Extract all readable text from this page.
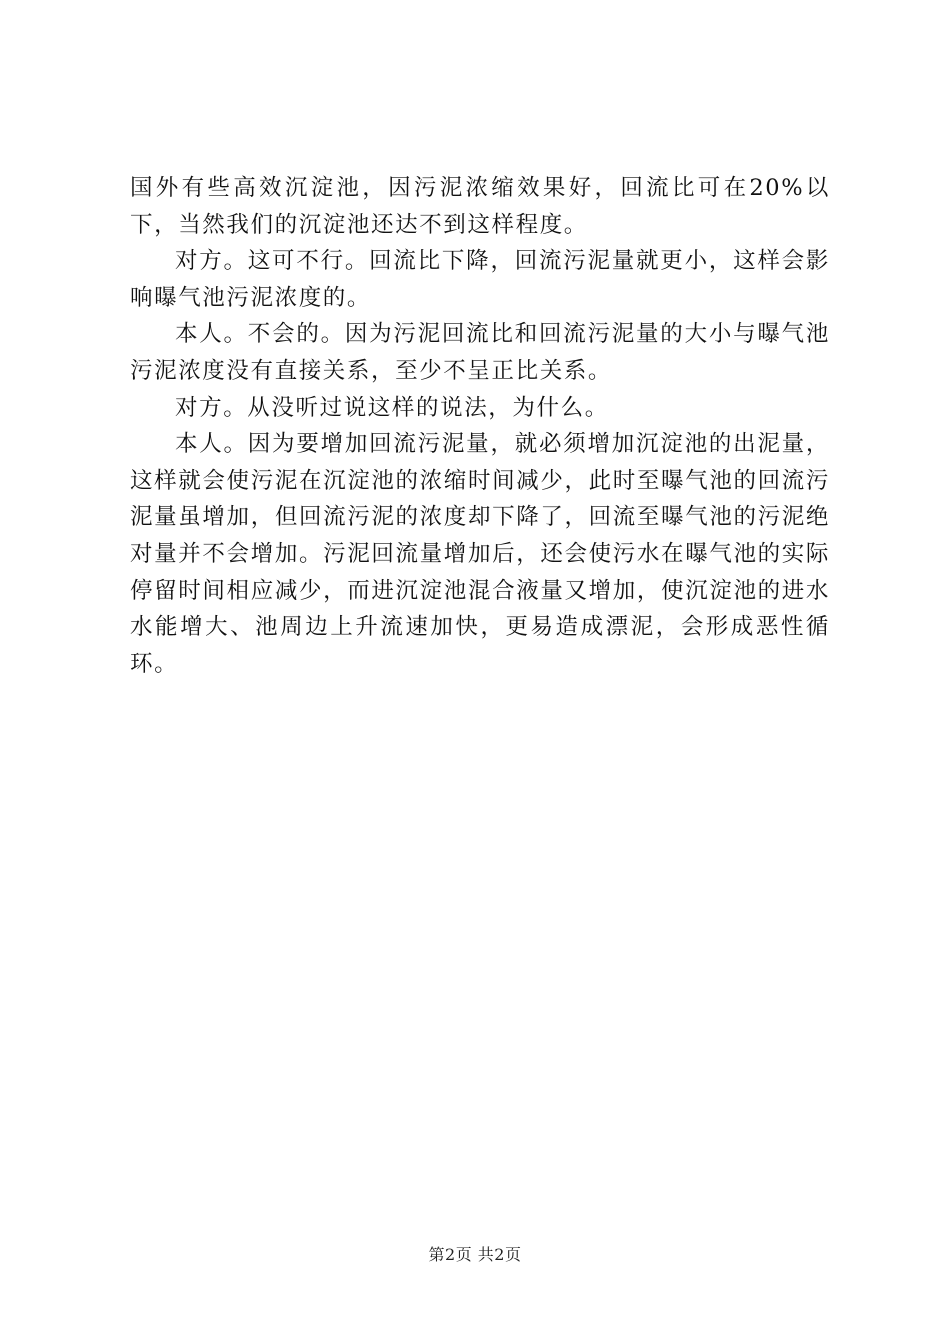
国外有些高效沉淀池，因污泥浓缩效果好，回流比可在20%以下，当然我们的沉淀池还达不到这样程度。

对方。这可不行。回流比下降，回流污泥量就更小，这样会影响曝气池污泥浓度的。

本人。不会的。因为污泥回流比和回流污泥量的大小与曝气池污泥浓度没有直接关系，至少不呈正比关系。

对方。从没听过说这样的说法，为什么。

本人。因为要增加回流污泥量，就必须增加沉淀池的出泥量，这样就会使污泥在沉淀池的浓缩时间减少，此时至曝气池的回流污泥量虽增加，但回流污泥的浓度却下降了，回流至曝气池的污泥绝对量并不会增加。污泥回流量增加后，还会使污水在曝气池的实际停留时间相应减少，而进沉淀池混合液量又增加，使沉淀池的进水水能增大、池周边上升流速加快，更易造成漂泥，会形成恶性循环。

第2页 共2页
